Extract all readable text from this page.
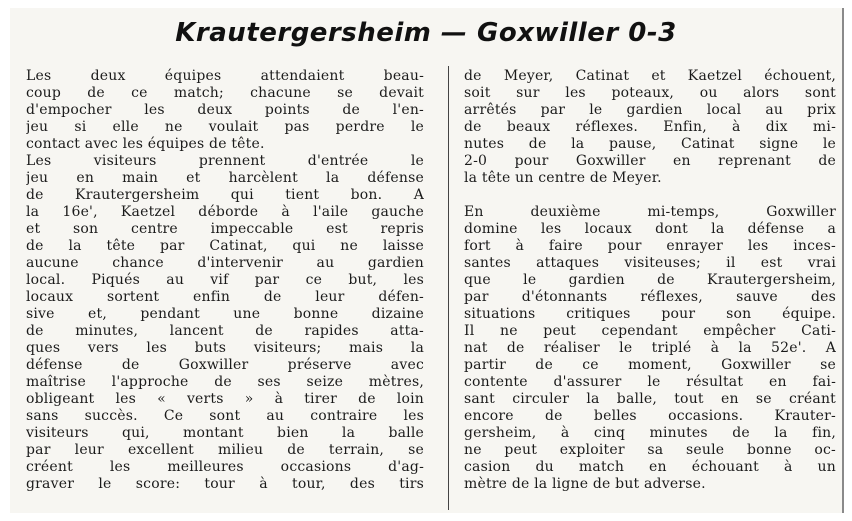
Krautergersheim — Goxwiller 0-3
Les deux équipes attendaient beau-
coup de ce match; chacune se devait
d'empocher les deux points de l'en-
jeu si elle ne voulait pas perdre le
contact avec les équipes de tête.
Les visiteurs prennent d'entrée le
jeu en main et harcèlent la défense
de Krautergersheim qui tient bon. A
la 16e', Kaetzel déborde à l'aile gauche
et son centre impeccable est repris
de la tête par Catinat, qui ne laisse
aucune chance d'intervenir au gardien
local. Piqués au vif par ce but, les
locaux sortent enfin de leur défen-
sive et, pendant une bonne dizaine
de minutes, lancent de rapides atta-
ques vers les buts visiteurs; mais la
défense de Goxwiller préserve avec
maîtrise l'approche de ses seize mètres,
obligeant les « verts » à tirer de loin
sans succès. Ce sont au contraire les
visiteurs qui, montant bien la balle
par leur excellent milieu de terrain, se
créent les meilleures occasions d'ag-
graver le score: tour à tour, des tirs
de Meyer, Catinat et Kaetzel échouent,
soit sur les poteaux, ou alors sont
arrêtés par le gardien local au prix
de beaux réflexes. Enfin, à dix mi-
nutes de la pause, Catinat signe le
2-0 pour Goxwiller en reprenant de
la tête un centre de Meyer.
En deuxième mi-temps, Goxwiller
domine les locaux dont la défense a
fort à faire pour enrayer les inces-
santes attaques visiteuses; il est vrai
que le gardien de Krautergersheim,
par d'étonnants réflexes, sauve des
situations critiques pour son équipe.
Il ne peut cependant empêcher Cati-
nat de réaliser le triplé à la 52e'. A
partir de ce moment, Goxwiller se
contente d'assurer le résultat en fai-
sant circuler la balle, tout en se créant
encore de belles occasions. Krauter-
gersheim, à cinq minutes de la fin,
ne peut exploiter sa seule bonne oc-
casion du match en échouant à un
mètre de la ligne de but adverse.
